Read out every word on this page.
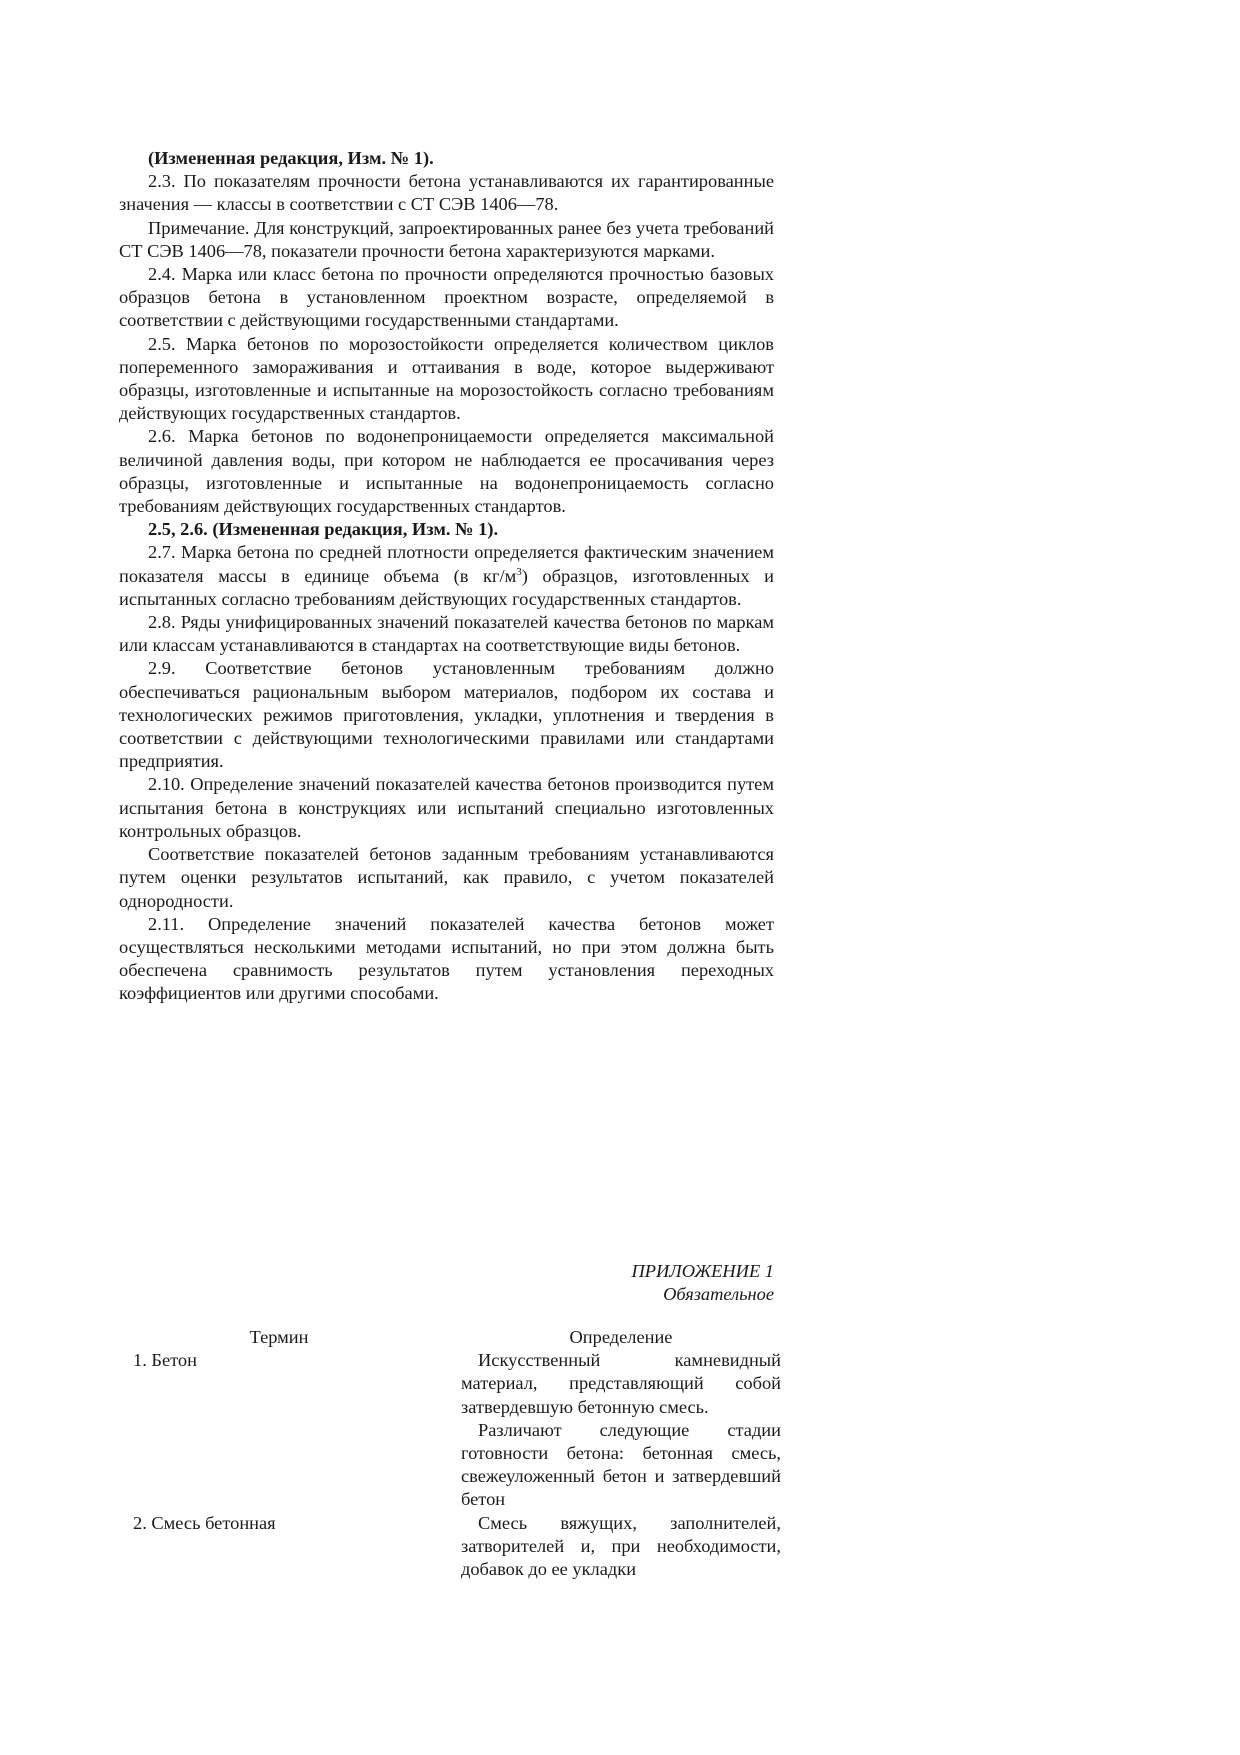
(Измененная редакция, Изм. № 1).

2.3. По показателям прочности бетона устанавливаются их гарантированные значения — классы в соответствии с СТ СЭВ 1406—78.

Примечание. Для конструкций, запроектированных ранее без учета требований СТ СЭВ 1406—78, показатели прочности бетона характеризуются марками.

2.4. Марка или класс бетона по прочности определяются прочностью базовых образцов бетона в установленном проектном возрасте, определяемой в соответствии с действующими государственными стандартами.

2.5. Марка бетонов по морозостойкости определяется количеством циклов попеременного замораживания и оттаивания в воде, которое выдерживают образцы, изготовленные и испытанные на морозостойкость согласно требованиям действующих государственных стандартов.

2.6. Марка бетонов по водонепроницаемости определяется максимальной величиной давления воды, при котором не наблюдается ее просачивания через образцы, изготовленные и испытанные на водонепроницаемость согласно требованиям действующих государственных стандартов.

2.5, 2.6. (Измененная редакция, Изм. № 1).

2.7. Марка бетона по средней плотности определяется фактическим значением показателя массы в единице объема (в $кг/м^3$) образцов, изготовленных и испытанных согласно требованиям действующих государственных стандартов.

2.8. Ряды унифицированных значений показателей качества бетонов по маркам или классам устанавливаются в стандартах на соответствующие виды бетонов.

2.9. Соответствие бетонов установленным требованиям должно обеспечиваться рациональным выбором материалов, подбором их состава и технологических режимов приготовления, укладки, уплотнения и твердения в соответствии с действующими технологическими правилами или стандартами предприятия.

2.10. Определение значений показателей качества бетонов производится путем испытания бетона в конструкциях или испытаний специально изготовленных контрольных образцов.

Соответствие показателей бетонов заданным требованиям устанавливаются путем оценки результатов испытаний, как правило, с учетом показателей однородности.

2.11. Определение значений показателей качества бетонов может осуществляться несколькими методами испытаний, но при этом должна быть обеспечена сравнимость результатов путем установления переходных коэффициентов или другими способами.

ПРИЛОЖЕНИЕ 1
Обязательное
Термин	Определение
1. Бетон	Искусственный камневидный материал, представляющий собой затвердевшую бетонную смесь.

Различают следующие стадии готовности бетона: бетонная смесь, свежеуложенный бетон и затвердевший бетон

2. Смесь бетонная	Смесь вяжущих, заполнителей, затворителей и, при необходимости, добавок до ее укладки
